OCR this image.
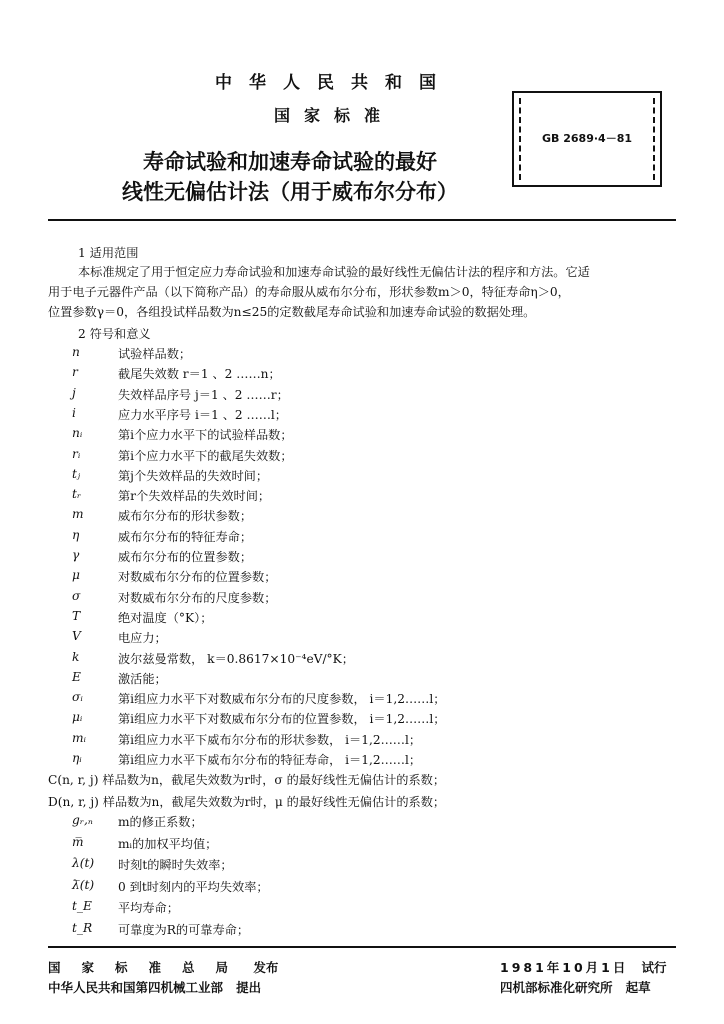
中华人民共和国
国家标准
寿命试验和加速寿命试验的最好
线性无偏估计法（用于威布尔分布）
GB 2689·4－81
1 适用范围

本标准规定了用于恒定应力寿命试验和加速寿命试验的最好线性无偏估计法的程序和方法。它适

用于电子元器件产品（以下简称产品）的寿命服从威布尔分布，形状参数m＞0，特征寿命η＞0，

位置参数γ＝0，各组投试样品数为n≤25的定数截尾寿命试验和加速寿命试验的数据处理。

2 符号和意义
n	试验样品数；
r	截尾失效数 r＝1 、2 ……n；
j	失效样品序号 j＝1 、2 ……r；
i	应力水平序号 i＝1 、2 ……l；
nᵢ	第i个应力水平下的试验样品数；
rᵢ	第i个应力水平下的截尾失效数；
tⱼ	第j个失效样品的失效时间；
tᵣ	第r个失效样品的失效时间；
m	威布尔分布的形状参数；
η	威布尔分布的特征寿命；
γ	威布尔分布的位置参数；
μ	对数威布尔分布的位置参数；
σ	对数威布尔分布的尺度参数；
T	绝对温度（°K）；
V	电应力；
k	波尔兹曼常数， k＝0.8617×10⁻⁴eV/°K；
E	激活能；
σᵢ	第i组应力水平下对数威布尔分布的尺度参数， i＝1,2……l；
μᵢ	第i组应力水平下对数威布尔分布的位置参数， i＝1,2……l；
mᵢ	第i组应力水平下威布尔分布的形状参数， i＝1,2……l；
ηᵢ	第i组应力水平下威布尔分布的特征寿命， i＝1,2……l；
C(n, r, j) 样品数为n，截尾失效数为r时，σ 的最好线性无偏估计的系数；
D(n, r, j) 样品数为n，截尾失效数为r时，μ 的最好线性无偏估计的系数；
gᵣ,ₙ	m的修正系数；
m̅	mᵢ的加权平均值；
λ(t)	时刻t的瞬时失效率；
λ̅(t)	0 到t时刻内的平均失效率；
t_E	平均寿命；
t_R	可靠度为R的可靠寿命；
国家标准总局 发布
中华人民共和国第四机械工业部 提出
1981年10月1日 试行
四机部标准化研究所 起草
